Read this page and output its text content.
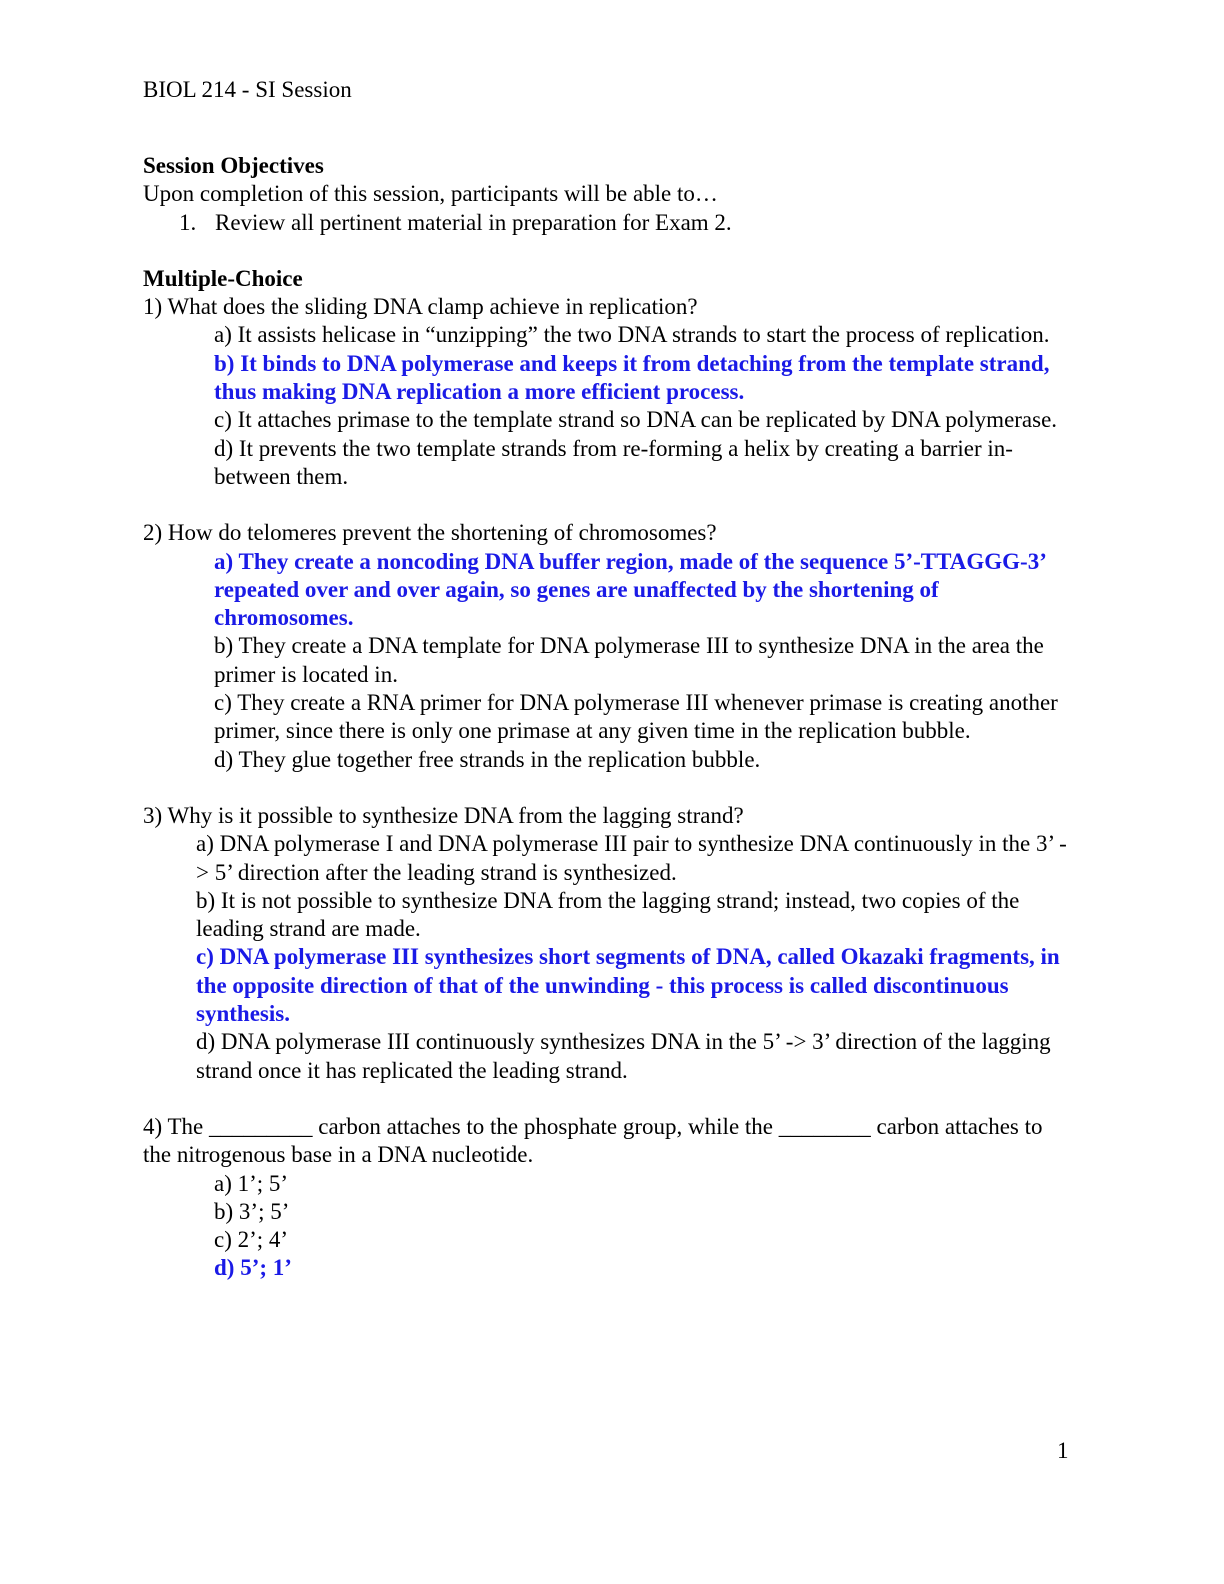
BIOL 214 - SI Session

Session Objectives

Upon completion of this session, participants will be able to…

1. Review all pertinent material in preparation for Exam 2.

Multiple-Choice

1) What does the sliding DNA clamp achieve in replication?

a) It assists helicase in “unzipping” the two DNA strands to start the process of replication.

b) It binds to DNA polymerase and keeps it from detaching from the template strand, thus making DNA replication a more efficient process.

c) It attaches primase to the template strand so DNA can be replicated by DNA polymerase.

d) It prevents the two template strands from re-forming a helix by creating a barrier in-between them.

2) How do telomeres prevent the shortening of chromosomes?

a) They create a noncoding DNA buffer region, made of the sequence 5’-TTAGGG-3’ repeated over and over again, so genes are unaffected by the shortening of chromosomes.

b) They create a DNA template for DNA polymerase III to synthesize DNA in the area the primer is located in.

c) They create a RNA primer for DNA polymerase III whenever primase is creating another primer, since there is only one primase at any given time in the replication bubble.

d) They glue together free strands in the replication bubble.

3) Why is it possible to synthesize DNA from the lagging strand?

a) DNA polymerase I and DNA polymerase III pair to synthesize DNA continuously in the 3’ -> 5’ direction after the leading strand is synthesized.

b) It is not possible to synthesize DNA from the lagging strand; instead, two copies of the leading strand are made.

c) DNA polymerase III synthesizes short segments of DNA, called Okazaki fragments, in the opposite direction of that of the unwinding - this process is called discontinuous synthesis.

d) DNA polymerase III continuously synthesizes DNA in the 5’ -> 3’ direction of the lagging strand once it has replicated the leading strand.

4) The _________ carbon attaches to the phosphate group, while the ________ carbon attaches to the nitrogenous base in a DNA nucleotide.

a) 1’; 5’

b) 3’; 5’

c) 2’; 4’

d) 5’; 1’

1
